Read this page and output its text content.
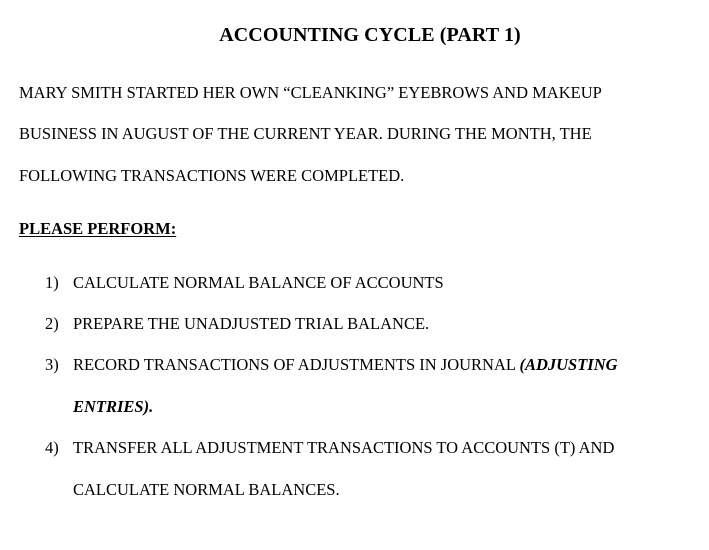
ACCOUNTING CYCLE (PART 1)
MARY SMITH STARTED HER OWN “CLEANKING” EYEBROWS AND MAKEUP
BUSINESS IN AUGUST OF THE CURRENT YEAR. DURING THE MONTH, THE
FOLLOWING TRANSACTIONS WERE COMPLETED.
PLEASE PERFORM:
1) CALCULATE NORMAL BALANCE OF ACCOUNTS
2) PREPARE THE UNADJUSTED TRIAL BALANCE.
3) RECORD TRANSACTIONS OF ADJUSTMENTS IN JOURNAL (ADJUSTING
ENTRIES).
4) TRANSFER ALL ADJUSTMENT TRANSACTIONS TO ACCOUNTS (T) AND
CALCULATE NORMAL BALANCES.
